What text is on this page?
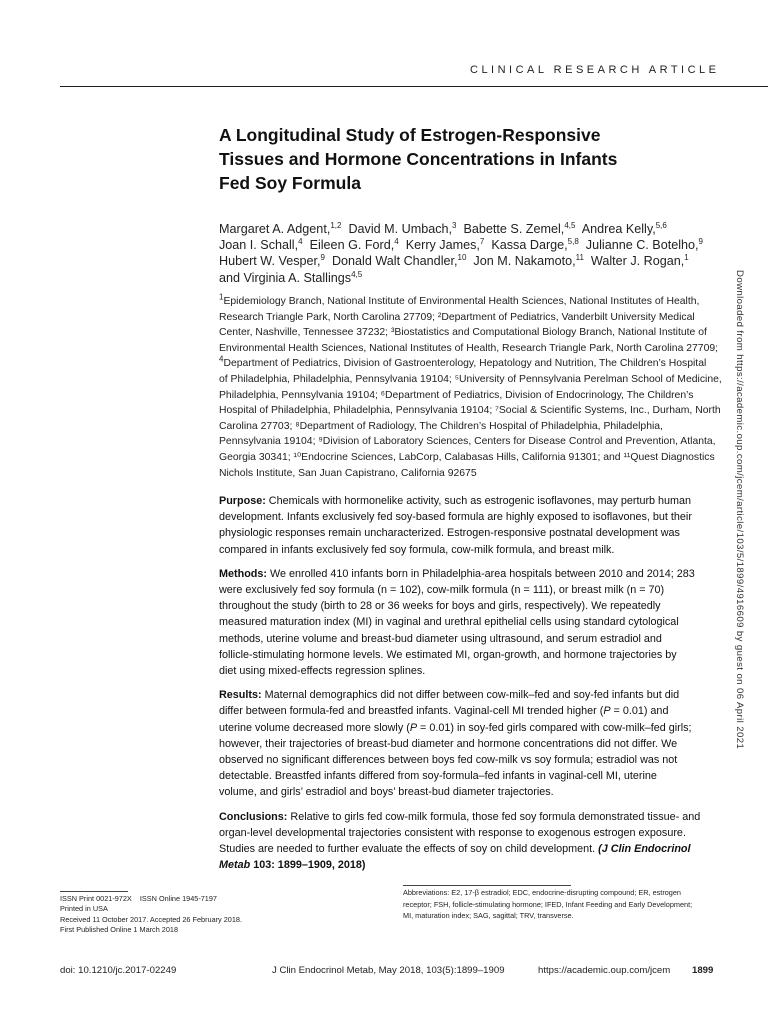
CLINICAL RESEARCH ARTICLE
A Longitudinal Study of Estrogen-Responsive
Tissues and Hormone Concentrations in Infants
Fed Soy Formula
Margaret A. Adgent,$^{1,2}$ David M. Umbach,$^3$ Babette S. Zemel,$^{4,5}$ Andrea Kelly,$^{5,6}$
Joan I. Schall,$^4$ Eileen G. Ford,$^4$ Kerry James,$^7$ Kassa Darge,$^{5,8}$ Julianne C. Botelho,$^9$
Hubert W. Vesper,$^9$ Donald Walt Chandler,$^{10}$ Jon M. Nakamoto,$^{11}$ Walter J. Rogan,$^1$
and Virginia A. Stallings$^{4,5}$
$^1$Epidemiology Branch, National Institute of Environmental Health Sciences, National Institutes of Health,
Research Triangle Park, North Carolina 27709; ²Department of Pediatrics, Vanderbilt University Medical
Center, Nashville, Tennessee 37232; ³Biostatistics and Computational Biology Branch, National Institute of
Environmental Health Sciences, National Institutes of Health, Research Triangle Park, North Carolina 27709;
$^4$Department of Pediatrics, Division of Gastroenterology, Hepatology and Nutrition, The Children’s Hospital
of Philadelphia, Philadelphia, Pennsylvania 19104; ⁵University of Pennsylvania Perelman School of Medicine,
Philadelphia, Pennsylvania 19104; ⁶Department of Pediatrics, Division of Endocrinology, The Children’s
Hospital of Philadelphia, Philadelphia, Pennsylvania 19104; ⁷Social & Scientific Systems, Inc., Durham, North
Carolina 27703; ⁸Department of Radiology, The Children’s Hospital of Philadelphia, Philadelphia,
Pennsylvania 19104; ⁹Division of Laboratory Sciences, Centers for Disease Control and Prevention, Atlanta,
Georgia 30341; ¹⁰Endocrine Sciences, LabCorp, Calabasas Hills, California 91301; and ¹¹Quest Diagnostics
Nichols Institute, San Juan Capistrano, California 92675
Purpose: Chemicals with hormonelike activity, such as estrogenic isoflavones, may perturb human
development. Infants exclusively fed soy-based formula are highly exposed to isoflavones, but their
physiologic responses remain uncharacterized. Estrogen-responsive postnatal development was
compared in infants exclusively fed soy formula, cow-milk formula, and breast milk.
Methods: We enrolled 410 infants born in Philadelphia-area hospitals between 2010 and 2014; 283
were exclusively fed soy formula (n = 102), cow-milk formula (n = 111), or breast milk (n = 70)
throughout the study (birth to 28 or 36 weeks for boys and girls, respectively). We repeatedly
measured maturation index (MI) in vaginal and urethral epithelial cells using standard cytological
methods, uterine volume and breast-bud diameter using ultrasound, and serum estradiol and
follicle-stimulating hormone levels. We estimated MI, organ-growth, and hormone trajectories by
diet using mixed-effects regression splines.
Results: Maternal demographics did not differ between cow-milk–fed and soy-fed infants but did
differ between formula-fed and breastfed infants. Vaginal-cell MI trended higher (P = 0.01) and
uterine volume decreased more slowly (P = 0.01) in soy-fed girls compared with cow-milk–fed girls;
however, their trajectories of breast-bud diameter and hormone concentrations did not differ. We
observed no significant differences between boys fed cow-milk vs soy formula; estradiol was not
detectable. Breastfed infants differed from soy-formula–fed infants in vaginal-cell MI, uterine
volume, and girls’ estradiol and boys’ breast-bud diameter trajectories.
Conclusions: Relative to girls fed cow-milk formula, those fed soy formula demonstrated tissue- and
organ-level developmental trajectories consistent with response to exogenous estrogen exposure.
Studies are needed to further evaluate the effects of soy on child development. (J Clin Endocrinol
Metab 103: 1899–1909, 2018)
Downloaded from https://academic.oup.com/jcem/article/103/5/1899/4916609 by guest on 06 April 2021
ISSN Print 0021-972X    ISSN Online 1945-7197
Printed in USA
Received 11 October 2017. Accepted 26 February 2018.
First Published Online 1 March 2018
Abbreviations: E2, 17-β estradiol; EDC, endocrine-disrupting compound; ER, estrogen
receptor; FSH, follicle-stimulating hormone; IFED, Infant Feeding and Early Development;
MI, maturation index; SAG, sagittal; TRV, transverse.
doi: 10.1210/jc.2017-02249	J Clin Endocrinol Metab, May 2018, 103(5):1899–1909	https://academic.oup.com/jcem 1899
